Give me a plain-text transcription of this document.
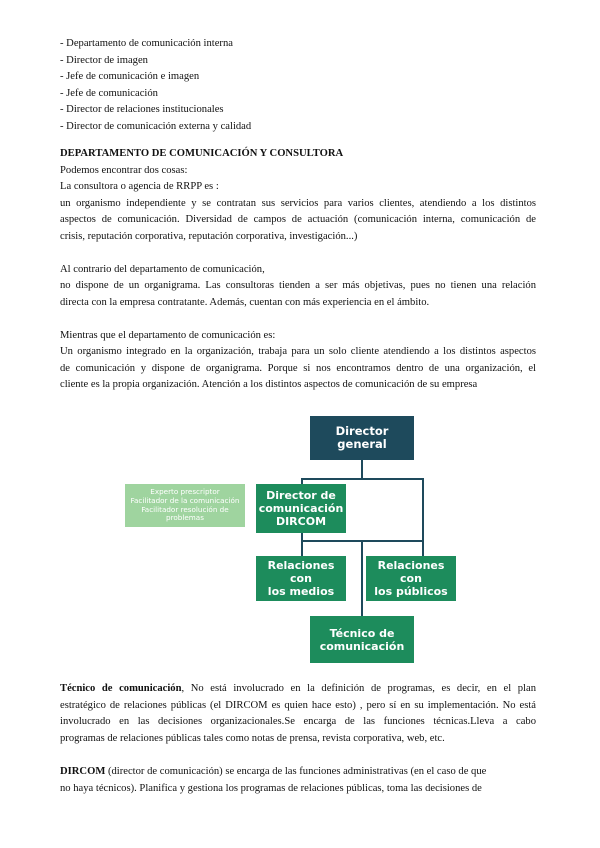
- Departamento de comunicación interna

- Director de imagen

- Jefe de comunicación e imagen

- Jefe de comunicación

- Director de relaciones institucionales

- Director de comunicación externa y calidad

DEPARTAMENTO DE COMUNICACIÓN Y CONSULTORA

Podemos encontrar dos cosas:

La consultora o agencia de RRPP es :

un organismo independiente y se contratan sus servicios para varios clientes, atendiendo a los distintos

aspectos de comunicación. Diversidad de campos de actuación (comunicación interna, comunicación de

crisis, reputación corporativa, reputación corporativa, investigación...)

Al contrario del departamento de comunicación,

no dispone de un organigrama. Las consultoras tienden a ser más objetivas, pues no tienen una relación

directa con la empresa contratante. Además, cuentan con más experiencia en el ámbito.

Mientras que el departamento de comunicación es:

Un organismo integrado en la organización, trabaja para un solo cliente atendiendo a los distintos aspectos

de comunicación y dispone de organigrama. Porque si nos encontramos dentro de una organización, el

cliente es la propia organización. Atención a los distintos aspectos de comunicación de su empresa

Director general
Experto prescriptor
Facilitador de la comunicación
Facilitador resolución de
problemas
Director de
comunicación
DIRCOM
Relaciones con
los medios
Relaciones con
los públicos
Técnico de
comunicación

Técnico de comunicación, No está involucrado en la definición de programas, es decir, en el plan

estratégico de relaciones públicas (el DIRCOM es quien hace esto) , pero sí en su implementación. No está

involucrado en las decisiones organizacionales.Se encarga de las funciones técnicas.Lleva a cabo

programas de relaciones públicas tales como notas de prensa, revista corporativa, web, etc.

DIRCOM (director de comunicación) se encarga de las funciones administrativas (en el caso de que

no haya técnicos). Planifica y gestiona los programas de relaciones públicas, toma las decisiones de
